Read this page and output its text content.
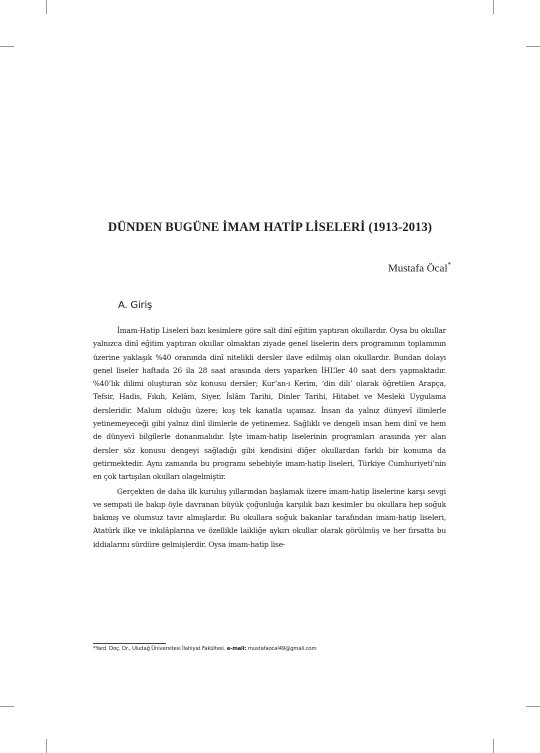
DÜNDEN BUGÜNE İMAM HATİP LİSELERİ (1913-2013)
Mustafa Öcal*
A. Giriş

İmam-Hatip Liseleri bazı kesimlere göre salt dinî eğitim yaptıran okullardır. Oysa bu okullar yalnızca dinî eğitim yaptıran okullar olmaktan ziyade genel liselerin ders programının toplamının üzerine yaklaşık %40 oranında dinî nitelikli dersler ilave edilmiş olan okullardır. Bundan dolayı genel liseler haftada 26 ila 28 saat arasında ders yaparken İHL’ler 40 saat ders yapmaktadır. %40’lık dilimi oluşturan söz konusu dersler; Kur’an-ı Kerim, ‘din dili’ olarak öğretilen Arapça, Tefsir, Hadis, Fıkıh, Kelâm, Siyer, İslâm Tarihi, Dinler Tarihi, Hitabet ve Mesleki Uygulama dersleridir. Malum olduğu üzere; kuş tek kanatla uçamaz. İnsan da yalnız dünyevî ilimlerle yetinemeyeceği gibi yalnız dinî ilimlerle de yetinemez. Sağlıklı ve dengeli insan hem dinî ve hem de dünyevî bilgilerle donanmalıdır. İşte imam-hatip liselerinin programları arasında yer alan dersler söz konusu dengeyi sağladığı gibi kendisini diğer okullardan farklı bir konuma da getirmektedir. Aynı zamanda bu programı sebebiyle imam-hatip liseleri, Türkiye Cumhuriyeti’nin en çok tartışılan okulları olagelmiştir.

Gerçekten de daha ilk kuruluş yıllarından başlamak üzere imam-hatip liselerine karşı sevgi ve sempati ile bakıp öyle davranan büyük çoğunluğa karşılık bazı kesimler bu okullara hep soğuk bakmış ve olumsuz tavır almışlardır. Bu okullara soğuk bakanlar tarafından imam-hatip liseleri, Atatürk ilke ve inkılâplarına ve özellikle laikliğe aykırı okullar olarak görülmüş ve her fırsatta bu iddialarını sürdüre gelmişlerdir. Oysa imam-hatip lise-

*Yard. Doç. Dr., Uludağ Üniversitesi İlahiyat Fakültesi. e-mail: mustafaocal49@gmail.com
